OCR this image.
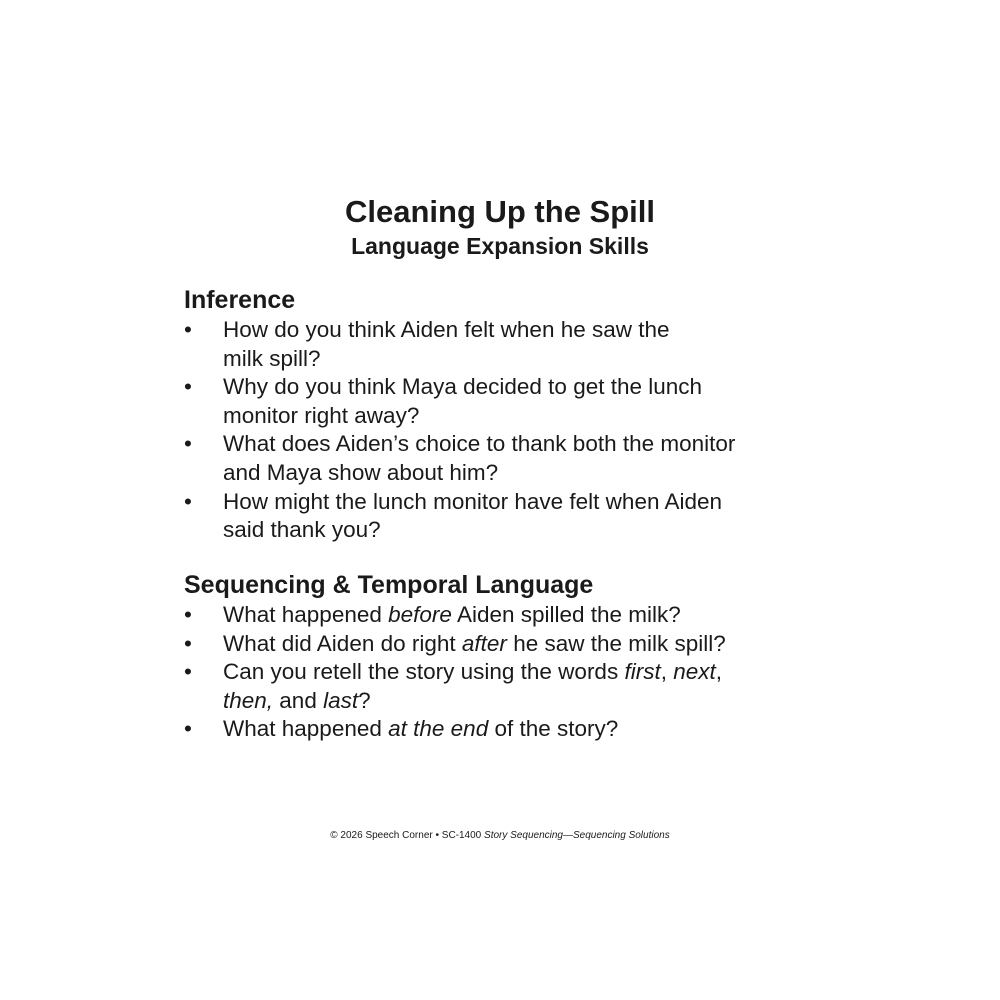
Cleaning Up the Spill
Language Expansion Skills
Inference
•	How do you think Aiden felt when he saw the
milk spill?
•	Why do you think Maya decided to get the lunch
monitor right away?
•	What does Aiden’s choice to thank both the monitor
and Maya show about him?
•	How might the lunch monitor have felt when Aiden
said thank you?
Sequencing & Temporal Language
•	What happened before Aiden spilled the milk?
•	What did Aiden do right after he saw the milk spill?
•	Can you retell the story using the words first, next,
then, and last?
•	What happened at the end of the story?
© 2026 Speech Corner • SC-1400 Story Sequencing—Sequencing Solutions
